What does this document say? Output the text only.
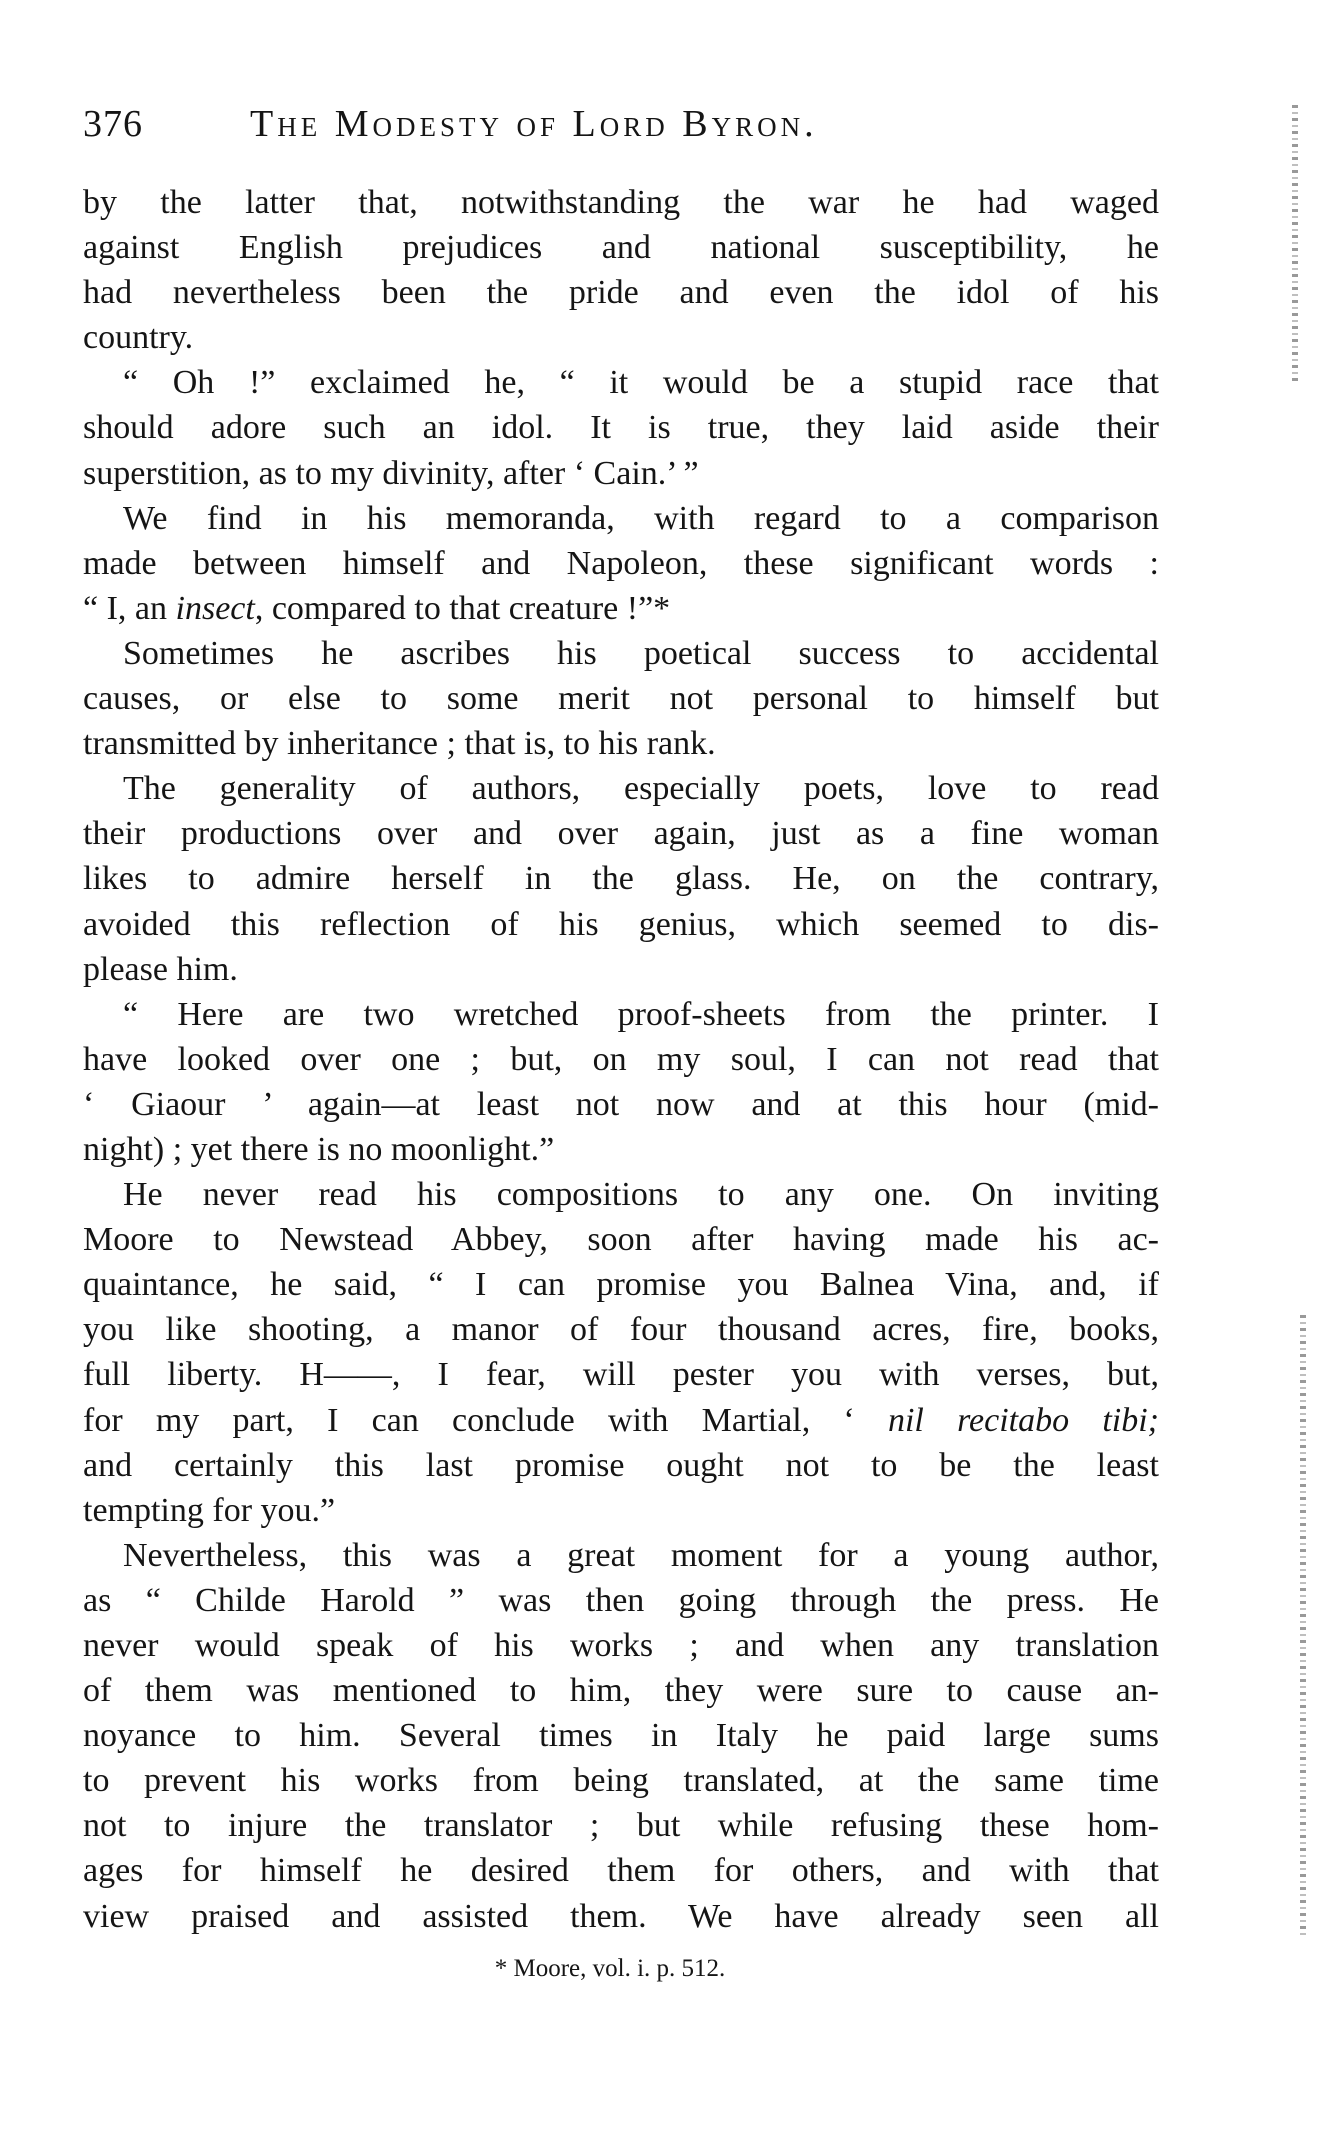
376	The Modesty of Lord Byron.
by the latter that, notwithstanding the war he had waged
against English prejudices and national susceptibility, he
had nevertheless been the pride and even the idol of his
country.
“ Oh !” exclaimed he, “ it would be a stupid race that
should adore such an idol. It is true, they laid aside their
superstition, as to my divinity, after ‘ Cain.’ ”
We find in his memoranda, with regard to a comparison
made between himself and Napoleon, these significant words :
“ I, an insect, compared to that creature !”*
Sometimes he ascribes his poetical success to accidental
causes, or else to some merit not personal to himself but
transmitted by inheritance ; that is, to his rank.
The generality of authors, especially poets, love to read
their productions over and over again, just as a fine woman
likes to admire herself in the glass. He, on the contrary,
avoided this reflection of his genius, which seemed to dis-
please him.
“ Here are two wretched proof-sheets from the printer. I
have looked over one ; but, on my soul, I can not read that
‘ Giaour ’ again—at least not now and at this hour (mid-
night) ; yet there is no moonlight.”
He never read his compositions to any one. On inviting
Moore to Newstead Abbey, soon after having made his ac-
quaintance, he said, “ I can promise you Balnea Vina, and, if
you like shooting, a manor of four thousand acres, fire, books,
full liberty. H——, I fear, will pester you with verses, but,
for my part, I can conclude with Martial, ‘ nil recitabo tibi;
and certainly this last promise ought not to be the least
tempting for you.”
Nevertheless, this was a great moment for a young author,
as “ Childe Harold ” was then going through the press. He
never would speak of his works ; and when any translation
of them was mentioned to him, they were sure to cause an-
noyance to him. Several times in Italy he paid large sums
to prevent his works from being translated, at the same time
not to injure the translator ; but while refusing these hom-
ages for himself he desired them for others, and with that
view praised and assisted them. We have already seen all
* Moore, vol. i. p. 512.
